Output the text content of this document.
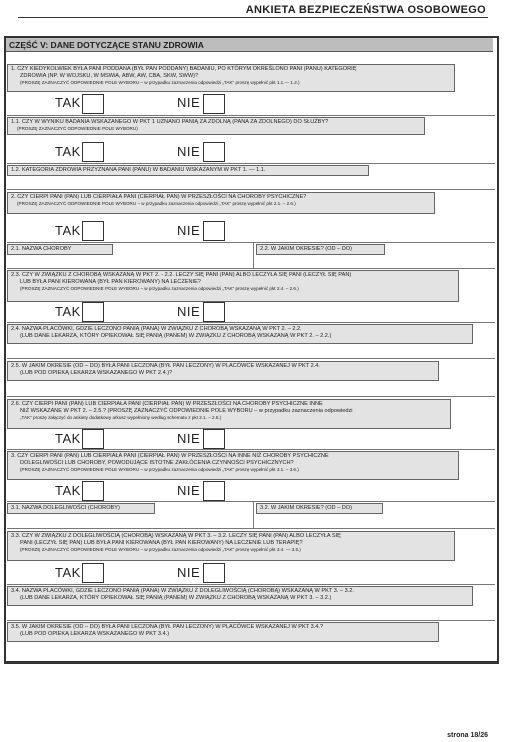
ANKIETA BEZPIECZEŃSTWA OSOBOWEGO
CZĘŚĆ V: DANE DOTYCZĄCE STANU ZDROWIA
1. CZY KIEDYKOLWIEK BYŁA PANI PODDANA (BYŁ PAN PODDANY) BADANIU, PO KTÓRYM OKREŚLONO PANI (PANU) KATEGORIĘ
ZDROWIA (NP. W WOJSKU, W MSWiA, ABW, AW, CBA, SKW, SWW)?
(PROSZĘ ZAZNACZYĆ ODPOWIEDNIE POLE WYBORU – w przypadku zaznaczenia odpowiedzi „TAK" proszę wypełnić pkt 1.1.— 1.2.)
TAK	NIE
1.1. CZY W WYNIKU BADANIA WSKAZANEGO W PKT 1 UZNANO PANIĄ ZA ZDOLNĄ (PANA ZA ZDOLNEGO) DO SŁUŻBY?
(PROSZĘ ZAZNACZYĆ ODPOWIEDNIE POLE WYBORU)
TAK	NIE
1.2. KATEGORIA ZDROWIA PRZYZNANA PANI (PANU) W BADANIU WSKAZANYM W PKT 1. — 1.1.
2. CZY CIERPI PANI (PAN) LUB CIERPIAŁA PANI (CIERPIAŁ PAN) W PRZESZŁOŚCI NA CHOROBY PSYCHICZNE?
(PROSZĘ ZAZNACZYĆ ODPOWIEDNIE POLE WYBORU – w przypadku zaznaczenia odpowiedzi „TAK" proszę wypełnić pkt 2.1. – 2.6.)
TAK	NIE
2.1. NAZWA CHOROBY	2.2. W JAKIM OKRESIE? (OD – DO)
2.3. CZY W ZWIĄZKU Z CHOROBĄ WSKAZANĄ W PKT 2. - 2.2. LECZY SIĘ PANI (PAN) ALBO LECZYŁA SIĘ PANI (LECZYŁ SIĘ PAN)
LUB BYŁA PANI KIEROWANA (BYŁ PAN KIEROWANY) NA LECZENIE?
(PROSZĘ ZAZNACZYĆ ODPOWIEDNIE POLE WYBORU – w przypadku zaznaczenia odpowiedzi „TAK" proszę wypełnić pkt 2.4. – 2.6.)
TAK	NIE
2.4. NAZWA PLACÓWKI, GDZIE LECZONO PANIĄ (PANA) W ZWIĄZKU Z CHOROBĄ WSKAZANĄ W PKT 2. – 2.2.
(LUB DANE LEKARZA, KTÓRY OPIEKOWAŁ SIĘ PANIĄ (PANEM) W ZWIĄZKU Z CHOROBĄ WSKAZANĄ W PKT 2. – 2.2.)
2.5. W JAKIM OKRESIE (OD – DO) BYŁA PANI LECZONA (BYŁ PAN LECZONY) W PLACÓWCE WSKAZANEJ W PKT 2.4.
(LUB POD OPIEKĄ LEKARZA WSKAZANEGO W PKT 2.4.)?
2.6. CZY CIERPI PANI (PAN) LUB CIERPIAŁA PANI (CIERPIAŁ PAN) W PRZESZŁOŚCI NA CHOROBY PSYCHICZNE INNE
NIŻ WSKAZANE W PKT 2. – 2.5.? (PROSZĘ ZAZNACZYĆ ODPOWIEDNIE POLE WYBORU – w przypadku zaznaczenia odpowiedzi
„TAK" proszę załączyć do ankiety dodatkowy arkusz wypełniony według schematu z pkt 2.1. – 2.5.)
TAK	NIE
3. CZY CIERPI PANI (PAN) LUB CIERPIAŁA PANI (CIERPIAŁ PAN) W PRZESZŁOŚCI NA INNE NIŻ CHOROBY PSYCHICZNE
DOLEGLIWOŚCI LUB CHOROBY, POWODUJĄCE ISTOTNE ZAKŁÓCENIA CZYNNOŚCI PSYCHICZNYCH?
(PROSZĘ ZAZNACZYĆ ODPOWIEDNIE POLE WYBORU – w przypadku zaznaczenia odpowiedzi „TAK" proszę wypełnić pkt 3.1. – 3.6.)
TAK	NIE
3.1. NAZWA DOLEGLIWOŚCI (CHOROBY)	3.2. W JAKIM OKRESIE? (OD – DO)
3.3. CZY W ZWIĄZKU Z DOLEGLIWOŚCIĄ (CHOROBĄ) WSKAZANĄ W PKT 3. – 3.2. LECZY SIĘ PANI (PAN) ALBO LECZYŁA SIĘ
PANI (LECZYŁ SIĘ PAN) LUB BYŁA PANI KIEROWANA (BYŁ PAN KIEROWANY) NA LECZENIE LUB TERAPIĘ?
(PROSZĘ ZAZNACZYĆ ODPOWIEDNIE POLE WYBORU – w przypadku zaznaczenia odpowiedzi „TAK" proszę wypełnić pkt 3.4. — 3.5.)
TAK	NIE
3.4. NAZWA PLACÓWKI, GDZIE LECZONO PANIĄ (PANA) W ZWIĄZKU Z DOLEGLIWOŚCIĄ (CHOROBĄ) WSKAZANĄ W PKT 3. – 3.2.
(LUB DANE LEKARZA, KTÓRY OPIEKOWAŁ SIĘ PANIĄ (PANEM) W ZWIĄZKU Z CHOROBĄ WSKAZANĄ W PKT 3. – 3.2.)
3.5. W JAKIM OKRESIE (OD – DO) BYŁA PANI LECZONA (BYŁ PAN LECZONY) W PLACÓWCE WSKAZANEJ W PKT 3.4.?
(LUB POD OPIEKĄ LEKARZA WSKAZANEGO W PKT 3.4.)
strona 18/26
